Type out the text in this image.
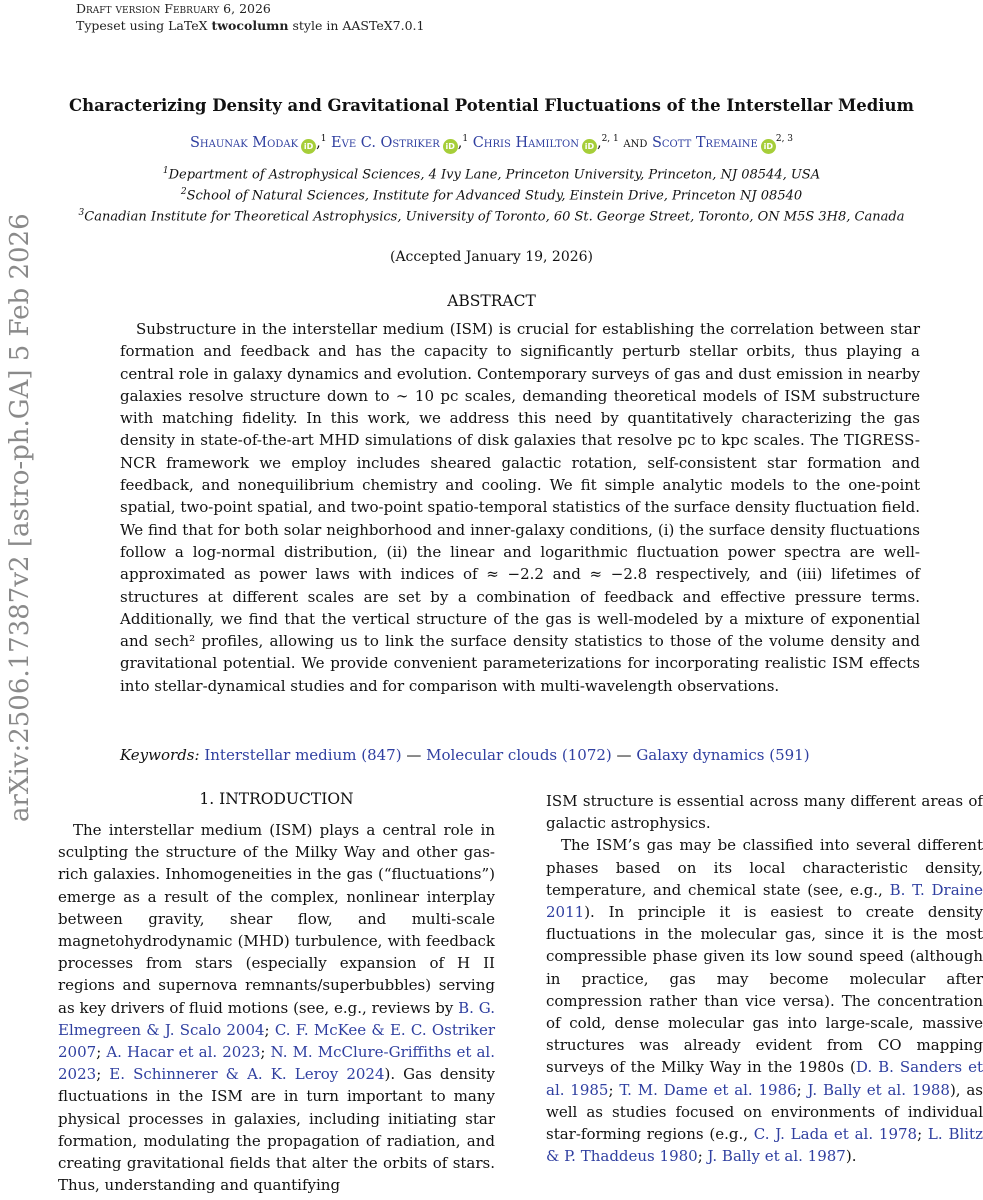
Draft version February 6, 2026
Typeset using LaTeX twocolumn style in AASTeX7.0.1
arXiv:2506.17387v2 [astro-ph.GA] 5 Feb 2026
Characterizing Density and Gravitational Potential Fluctuations of the Interstellar Medium
Shaunak Modak iD ,$^1$ Eve C. Ostriker iD ,$^1$ Chris Hamilton iD ,$^{2, 1}$ and Scott Tremaine iD$^{2, 3}$
$^1$Department of Astrophysical Sciences, 4 Ivy Lane, Princeton University, Princeton, NJ 08544, USA
$^2$School of Natural Sciences, Institute for Advanced Study, Einstein Drive, Princeton NJ 08540
$^3$Canadian Institute for Theoretical Astrophysics, University of Toronto, 60 St. George Street, Toronto, ON M5S 3H8, Canada
(Accepted January 19, 2026)
ABSTRACT
Substructure in the interstellar medium (ISM) is crucial for establishing the correlation between star formation and feedback and has the capacity to significantly perturb stellar orbits, thus playing a central role in galaxy dynamics and evolution. Contemporary surveys of gas and dust emission in nearby galaxies resolve structure down to ∼ 10 pc scales, demanding theoretical models of ISM substructure with matching fidelity. In this work, we address this need by quantitatively characterizing the gas density in state-of-the-art MHD simulations of disk galaxies that resolve pc to kpc scales. The TIGRESS-NCR framework we employ includes sheared galactic rotation, self-consistent star formation and feedback, and nonequilibrium chemistry and cooling. We fit simple analytic models to the one-point spatial, two-point spatial, and two-point spatio-temporal statistics of the surface density fluctuation field. We find that for both solar neighborhood and inner-galaxy conditions, (i) the surface density fluctuations follow a log-normal distribution, (ii) the linear and logarithmic fluctuation power spectra are well-approximated as power laws with indices of ≈ −2.2 and ≈ −2.8 respectively, and (iii) lifetimes of structures at different scales are set by a combination of feedback and effective pressure terms. Additionally, we find that the vertical structure of the gas is well-modeled by a mixture of exponential and sech² profiles, allowing us to link the surface density statistics to those of the volume density and gravitational potential. We provide convenient parameterizations for incorporating realistic ISM effects into stellar-dynamical studies and for comparison with multi-wavelength observations.
Keywords: Interstellar medium (847) — Molecular clouds (1072) — Galaxy dynamics (591)
1. INTRODUCTION

The interstellar medium (ISM) plays a central role in sculpting the structure of the Milky Way and other gas-rich galaxies. Inhomogeneities in the gas (“fluctuations”) emerge as a result of the complex, nonlinear interplay between gravity, shear flow, and multi-scale magnetohydrodynamic (MHD) turbulence, with feedback processes from stars (especially expansion of H II regions and supernova remnants/superbubbles) serving as key drivers of fluid motions (see, e.g., reviews by B. G. Elmegreen & J. Scalo 2004; C. F. McKee & E. C. Ostriker 2007; A. Hacar et al. 2023; N. M. McClure-Griffiths et al. 2023; E. Schinnerer & A. K. Leroy 2024). Gas density fluctuations in the ISM are in turn important to many physical processes in galaxies, including initiating star formation, modulating the propagation of radiation, and creating gravitational fields that alter the orbits of stars. Thus, understanding and quantifying

ISM structure is essential across many different areas of galactic astrophysics.

The ISM’s gas may be classified into several different phases based on its local characteristic density, temperature, and chemical state (see, e.g., B. T. Draine 2011). In principle it is easiest to create density fluctuations in the molecular gas, since it is the most compressible phase given its low sound speed (although in practice, gas may become molecular after compression rather than vice versa). The concentration of cold, dense molecular gas into large-scale, massive structures was already evident from CO mapping surveys of the Milky Way in the 1980s (D. B. Sanders et al. 1985; T. M. Dame et al. 1986; J. Bally et al. 1988), as well as studies focused on environments of individual star-forming regions (e.g., C. J. Lada et al. 1978; L. Blitz & P. Thaddeus 1980; J. Bally et al. 1987).
